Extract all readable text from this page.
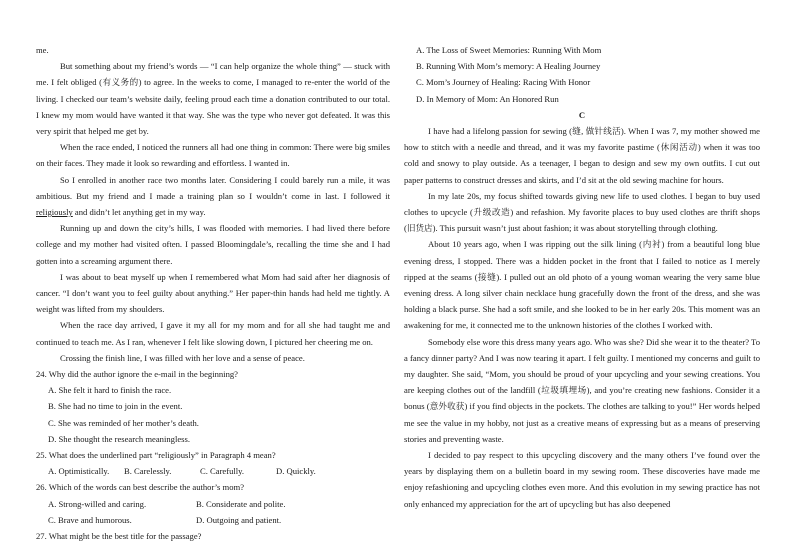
me.

But something about my friend’s words — “I can help organize the whole thing” — stuck with me. I felt obliged (有义务的) to agree. In the weeks to come, I managed to re-enter the world of the living. I checked our team’s website daily, feeling proud each time a donation contributed to our total. I knew my mom would have wanted it that way. She was the type who never got defeated. It was this very spirit that helped me get by.

When the race ended, I noticed the runners all had one thing in common: There were big smiles on their faces. They made it look so rewarding and effortless. I wanted in.

So I enrolled in another race two months later. Considering I could barely run a mile, it was ambitious. But my friend and I made a training plan so I wouldn’t come in last. I followed it religiously and didn’t let anything get in my way.

Running up and down the city’s hills, I was flooded with memories. I had lived there before college and my mother had visited often. I passed Bloomingdale’s, recalling the time she and I had gotten into a screaming argument there.

I was about to beat myself up when I remembered what Mom had said after her diagnosis of cancer. “I don’t want you to feel guilty about anything.” Her paper-thin hands had held me tightly. A weight was lifted from my shoulders.

When the race day arrived, I gave it my all for my mom and for all she had taught me and continued to teach me. As I ran, whenever I felt like slowing down, I pictured her cheering me on.

Crossing the finish line, I was filled with her love and a sense of peace.

24. Why did the author ignore the e-mail in the beginning?

A. She felt it hard to finish the race.

B. She had no time to join in the event.

C. She was reminded of her mother’s death.

D. She thought the research meaningless.

25. What does the underlined part “religiously” in Paragraph 4 mean?

A. Optimistically.	B. Carelessly.	C. Carefully.	D. Quickly.

26. Which of the words can best describe the author’s mom?

A. Strong-willed and caring.	B. Considerate and polite.

C. Brave and humorous.	D. Outgoing and patient.

27. What might be the best title for the passage?

A. The Loss of Sweet Memories: Running With Mom

B. Running With Mom’s memory: A Healing Journey

C. Mom’s Journey of Healing: Racing With Honor

D. In Memory of Mom: An Honored Run

C

I have had a lifelong passion for sewing (缝, 做针线活). When I was 7, my mother showed me how to stitch with a needle and thread, and it was my favorite pastime (休闲活动) when it was too cold and snowy to play outside. As a teenager, I began to design and sew my own outfits. I cut out paper patterns to construct dresses and skirts, and I’d sit at the old sewing machine for hours.

In my late 20s, my focus shifted towards giving new life to used clothes. I began to buy used clothes to upcycle (升级改造) and refashion. My favorite places to buy used clothes are thrift shops (旧货店). This pursuit wasn’t just about fashion; it was about storytelling through clothing.

About 10 years ago, when I was ripping out the silk lining (内衬) from a beautiful long blue evening dress, I stopped. There was a hidden pocket in the front that I failed to notice as I merely ripped at the seams (接缝). I pulled out an old photo of a young woman wearing the very same blue evening dress. A long silver chain necklace hung gracefully down the front of the dress, and she was holding a black purse. She had a soft smile, and she looked to be in her early 20s. This moment was an awakening for me, it connected me to the unknown histories of the clothes I worked with.

Somebody else wore this dress many years ago. Who was she? Did she wear it to the theater? To a fancy dinner party? And I was now tearing it apart. I felt guilty. I mentioned my concerns and guilt to my daughter. She said, “Mom, you should be proud of your upcycling and your sewing creations. You are keeping clothes out of the landfill (垃圾填埋场), and you’re creating new fashions. Consider it a bonus (意外收获) if you find objects in the pockets. The clothes are talking to you!” Her words helped me see the value in my hobby, not just as a creative means of expressing but as a means of preserving stories and preventing waste.

I decided to pay respect to this upcycling discovery and the many others I’ve found over the years by displaying them on a bulletin board in my sewing room. These discoveries have made me enjoy refashioning and upcycling clothes even more. And this evolution in my sewing practice has not only enhanced my appreciation for the art of upcycling but has also deepened
